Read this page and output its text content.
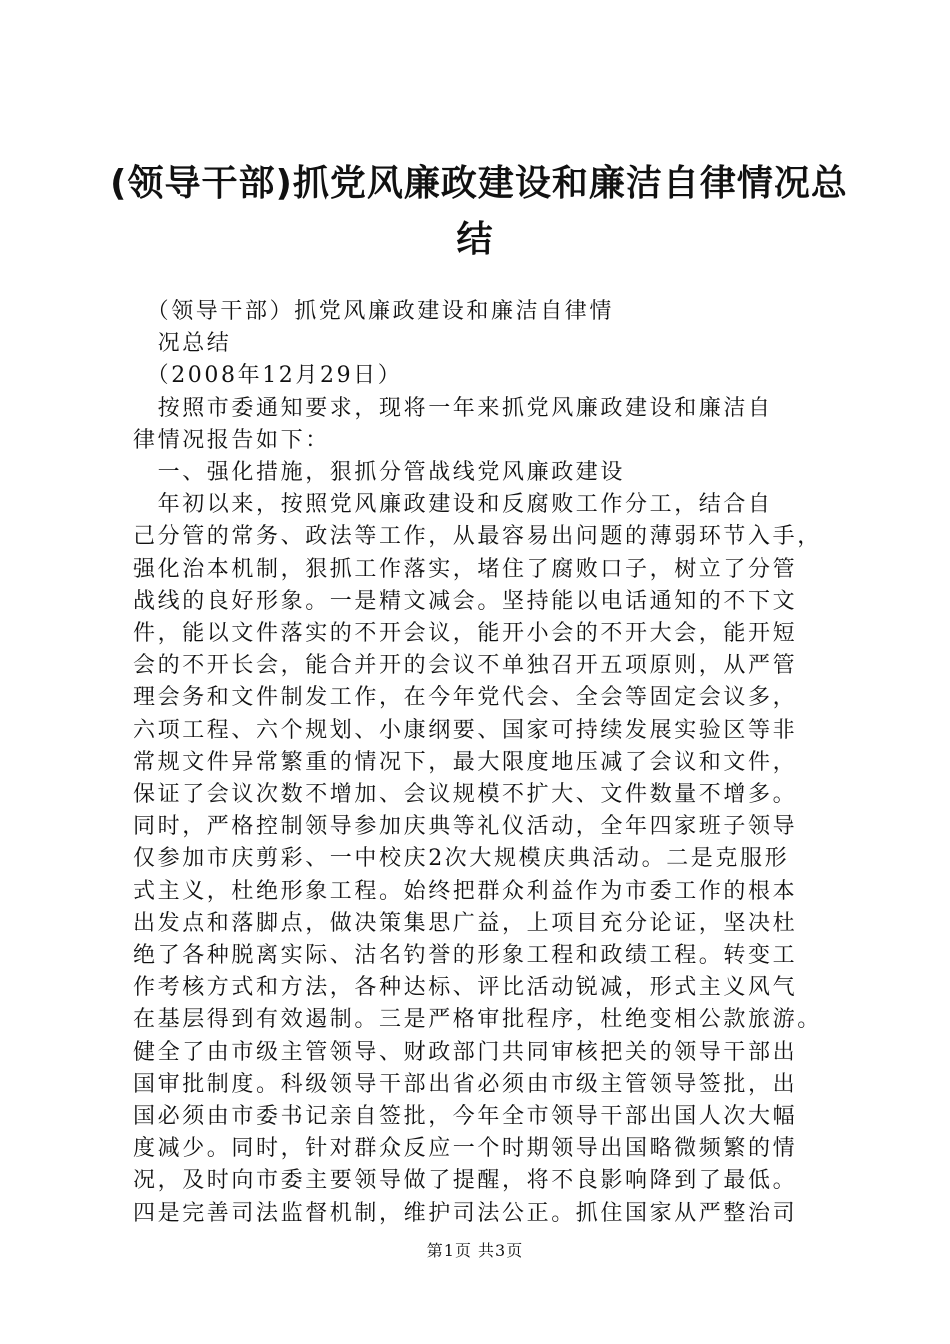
(领导干部)抓党风廉政建设和廉洁自律情况总
结
　（领导干部）抓党风廉政建设和廉洁自律情
　况总结
　（2008年12月29日）
　按照市委通知要求，现将一年来抓党风廉政建设和廉洁自
律情况报告如下：
　一、强化措施，狠抓分管战线党风廉政建设
　年初以来，按照党风廉政建设和反腐败工作分工，结合自
己分管的常务、政法等工作，从最容易出问题的薄弱环节入手，
强化治本机制，狠抓工作落实，堵住了腐败口子，树立了分管
战线的良好形象。一是精文减会。坚持能以电话通知的不下文
件，能以文件落实的不开会议，能开小会的不开大会，能开短
会的不开长会，能合并开的会议不单独召开五项原则，从严管
理会务和文件制发工作，在今年党代会、全会等固定会议多，
六项工程、六个规划、小康纲要、国家可持续发展实验区等非
常规文件异常繁重的情况下，最大限度地压减了会议和文件，
保证了会议次数不增加、会议规模不扩大、文件数量不增多。
同时，严格控制领导参加庆典等礼仪活动，全年四家班子领导
仅参加市庆剪彩、一中校庆2次大规模庆典活动。二是克服形
式主义，杜绝形象工程。始终把群众利益作为市委工作的根本
出发点和落脚点，做决策集思广益，上项目充分论证，坚决杜
绝了各种脱离实际、沽名钓誉的形象工程和政绩工程。转变工
作考核方式和方法，各种达标、评比活动锐减，形式主义风气
在基层得到有效遏制。三是严格审批程序，杜绝变相公款旅游。
健全了由市级主管领导、财政部门共同审核把关的领导干部出
国审批制度。科级领导干部出省必须由市级主管领导签批，出
国必须由市委书记亲自签批，今年全市领导干部出国人次大幅
度减少。同时，针对群众反应一个时期领导出国略微频繁的情
况，及时向市委主要领导做了提醒，将不良影响降到了最低。
四是完善司法监督机制，维护司法公正。抓住国家从严整治司
第1页 共3页
